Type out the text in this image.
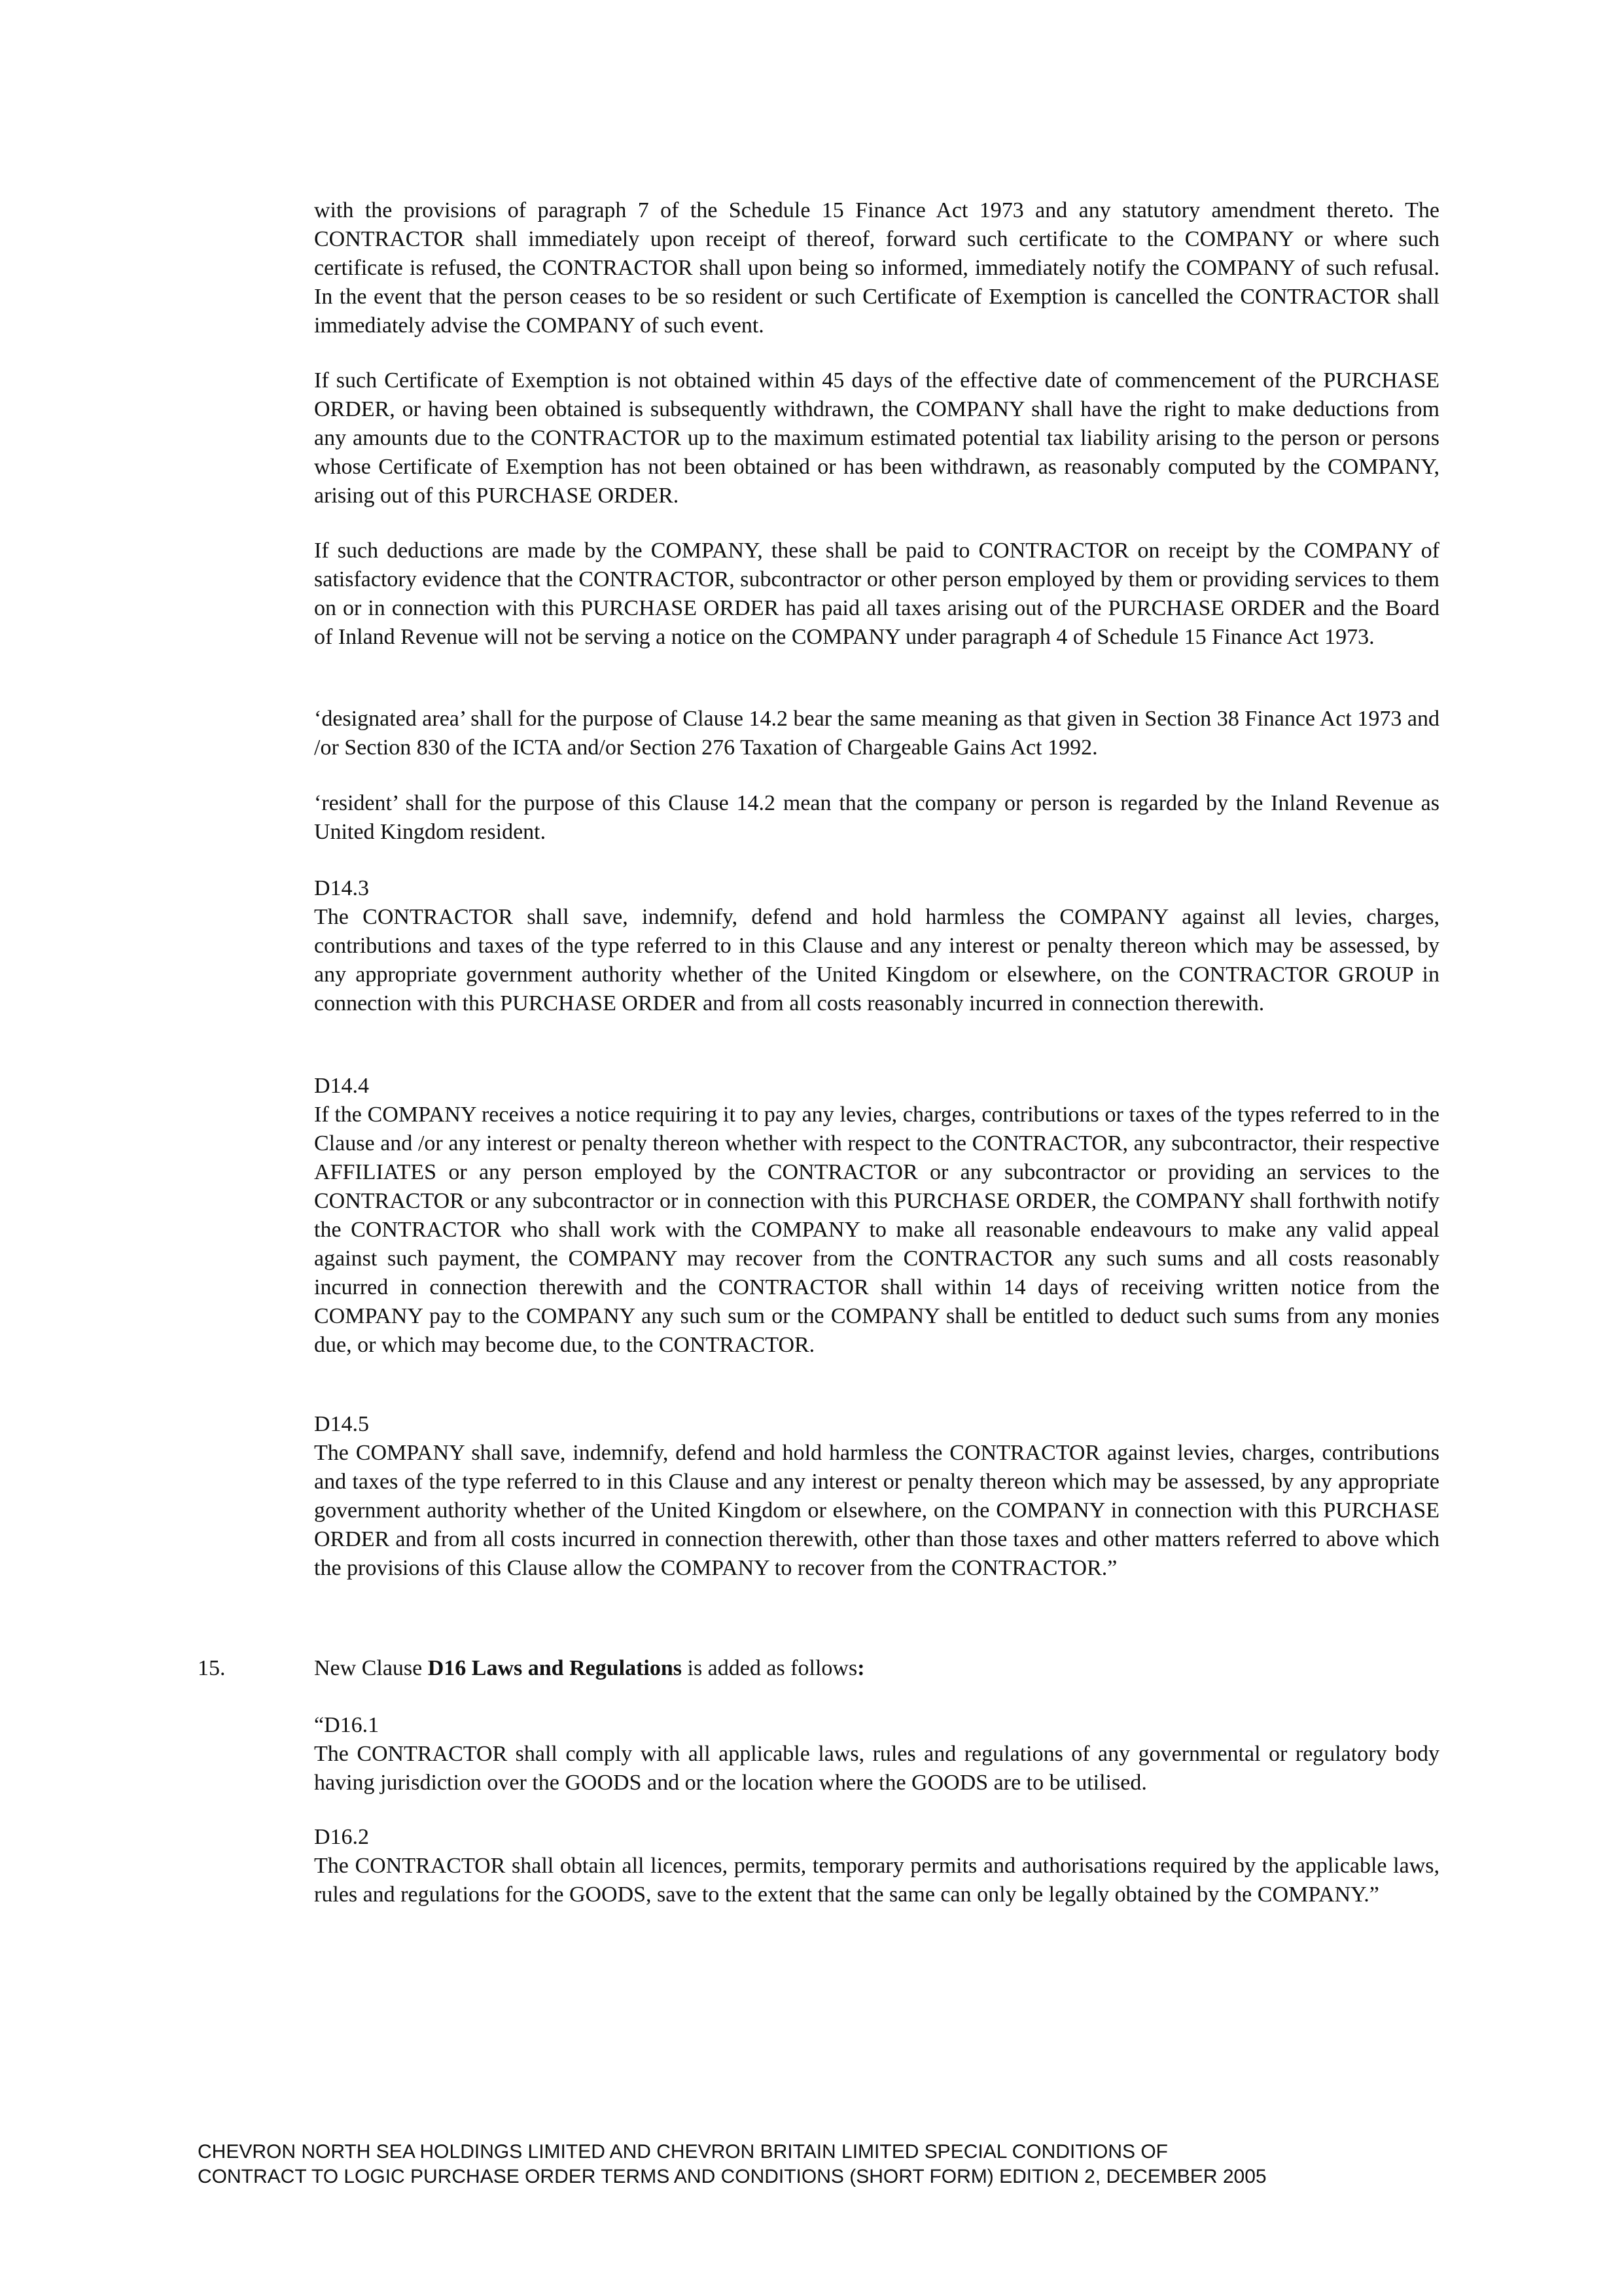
with the provisions of paragraph 7 of the Schedule 15 Finance Act 1973 and any statutory amendment thereto. The CONTRACTOR shall immediately upon receipt of thereof, forward such certificate to the COMPANY or where such certificate is refused, the CONTRACTOR shall upon being so informed, immediately notify the COMPANY of such refusal. In the event that the person ceases to be so resident or such Certificate of Exemption is cancelled the CONTRACTOR shall immediately advise the COMPANY of such event.

If such Certificate of Exemption is not obtained within 45 days of the effective date of commencement of the PURCHASE ORDER, or having been obtained is subsequently withdrawn, the COMPANY shall have the right to make deductions from any amounts due to the CONTRACTOR up to the maximum estimated potential tax liability arising to the person or persons whose Certificate of Exemption has not been obtained or has been withdrawn, as reasonably computed by the COMPANY, arising out of this PURCHASE ORDER.

If such deductions are made by the COMPANY, these shall be paid to CONTRACTOR on receipt by the COMPANY of satisfactory evidence that the CONTRACTOR, subcontractor or other person employed by them or providing services to them on or in connection with this PURCHASE ORDER has paid all taxes arising out of the PURCHASE ORDER and the Board of Inland Revenue will not be serving a notice on the COMPANY under paragraph 4 of Schedule 15 Finance Act 1973.

‘designated area’ shall for the purpose of Clause 14.2 bear the same meaning as that given in Section 38 Finance Act 1973 and /or Section 830 of the ICTA and/or Section 276 Taxation of Chargeable Gains Act 1992.

‘resident’ shall for the purpose of this Clause 14.2 mean that the company or person is regarded by the Inland Revenue as United Kingdom resident.

D14.3

The CONTRACTOR shall save, indemnify, defend and hold harmless the COMPANY against all levies, charges, contributions and taxes of the type referred to in this Clause and any interest or penalty thereon which may be assessed, by any appropriate government authority whether of the United Kingdom or elsewhere, on the CONTRACTOR GROUP in connection with this PURCHASE ORDER and from all costs reasonably incurred in connection therewith.

D14.4

If the COMPANY receives a notice requiring it to pay any levies, charges, contributions or taxes of the types referred to in the Clause and /or any interest or penalty thereon whether with respect to the CONTRACTOR, any subcontractor, their respective AFFILIATES or any person employed by the CONTRACTOR or any subcontractor or providing an services to the CONTRACTOR or any subcontractor or in connection with this PURCHASE ORDER, the COMPANY shall forthwith notify the CONTRACTOR who shall work with the COMPANY to make all reasonable endeavours to make any valid appeal against such payment, the COMPANY may recover from the CONTRACTOR any such sums and all costs reasonably incurred in connection therewith and the CONTRACTOR shall within 14 days of receiving written notice from the COMPANY pay to the COMPANY any such sum or the COMPANY shall be entitled to deduct such sums from any monies due, or which may become due, to the CONTRACTOR.

D14.5

The COMPANY shall save, indemnify, defend and hold harmless the CONTRACTOR against levies, charges, contributions and taxes of the type referred to in this Clause and any interest or penalty thereon which may be assessed, by any appropriate government authority whether of the United Kingdom or elsewhere, on the COMPANY in connection with this PURCHASE ORDER and from all costs incurred in connection therewith, other than those taxes and other matters referred to above which the provisions of this Clause allow the COMPANY to recover from the CONTRACTOR.”

15.	New Clause D16 Laws and Regulations is added as follows:

“D16.1

The CONTRACTOR shall comply with all applicable laws, rules and regulations of any governmental or regulatory body having jurisdiction over the GOODS and or the location where the GOODS are to be utilised.

D16.2

The CONTRACTOR shall obtain all licences, permits, temporary permits and authorisations required by the applicable laws, rules and regulations for the GOODS, save to the extent that the same can only be legally obtained by the COMPANY.”

CHEVRON NORTH SEA HOLDINGS LIMITED AND CHEVRON BRITAIN LIMITED SPECIAL CONDITIONS OF
CONTRACT TO LOGIC PURCHASE ORDER TERMS AND CONDITIONS (SHORT FORM) EDITION 2, DECEMBER 2005
